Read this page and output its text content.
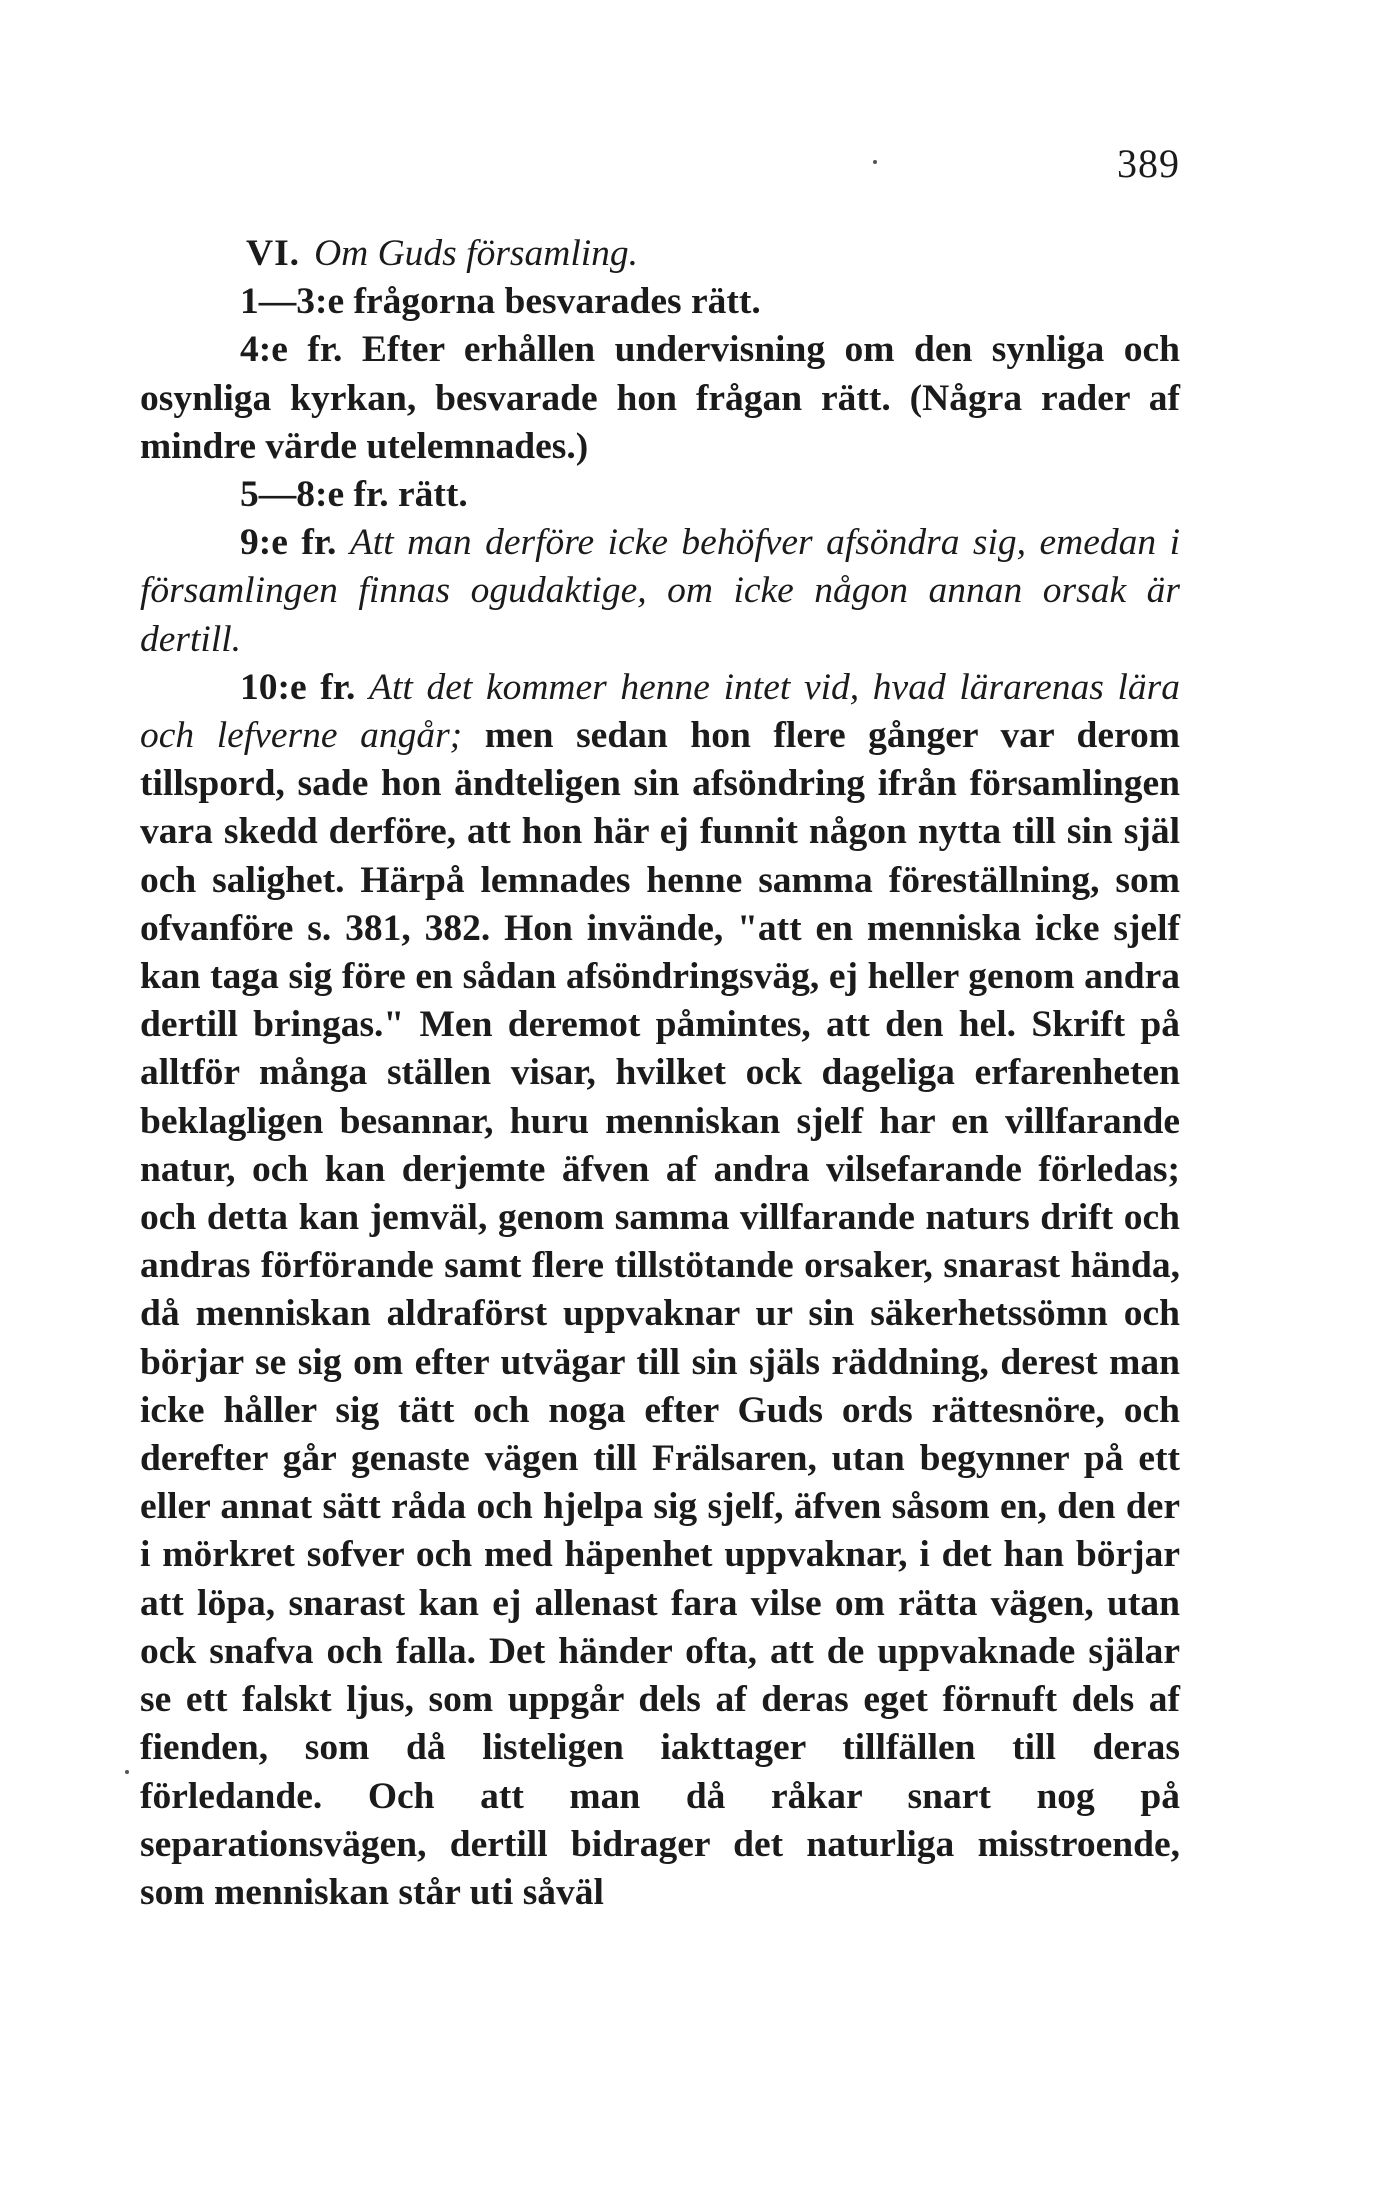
389

VI. Om Guds församling.

1—3:e frågorna besvarades rätt.

4:e fr. Efter erhållen undervisning om den synliga och osynliga kyrkan, besvarade hon frågan rätt. (Några rader af mindre värde utelemnades.)

5—8:e fr. rätt.

9:e fr. Att man derföre icke behöfver afsöndra sig, emedan i församlingen finnas ogudaktige, om icke någon annan orsak är dertill.

10:e fr. Att det kommer henne intet vid, hvad lärarenas lära och lefverne angår; men sedan hon flere gånger var derom tillspord, sade hon ändteligen sin afsöndring ifrån församlingen vara skedd derföre, att hon här ej funnit någon nytta till sin själ och salighet. Härpå lemnades henne samma föreställning, som ofvanföre s. 381, 382. Hon invände, "att en menniska icke sjelf kan taga sig före en sådan afsöndringsväg, ej heller genom andra dertill bringas." Men deremot påmintes, att den hel. Skrift på alltför många ställen visar, hvilket ock dageliga erfarenheten beklagligen besannar, huru menniskan sjelf har en villfarande natur, och kan derjemte äfven af andra vilsefarande förledas; och detta kan jemväl, genom samma villfarande naturs drift och andras förförande samt flere tillstötande orsaker, snarast hända, då menniskan aldraförst uppvaknar ur sin säkerhetssömn och börjar se sig om efter utvägar till sin själs räddning, derest man icke håller sig tätt och noga efter Guds ords rättesnöre, och derefter går genaste vägen till Frälsaren, utan begynner på ett eller annat sätt råda och hjelpa sig sjelf, äfven såsom en, den der i mörkret sofver och med häpenhet uppvaknar, i det han börjar att löpa, snarast kan ej allenast fara vilse om rätta vägen, utan ock snafva och falla. Det händer ofta, att de uppvaknade själar se ett falskt ljus, som uppgår dels af deras eget förnuft dels af fienden, som då listeligen iakttager tillfällen till deras förledande. Och att man då råkar snart nog på separationsvägen, dertill bidrager det naturliga misstroende, som menniskan står uti såväl
